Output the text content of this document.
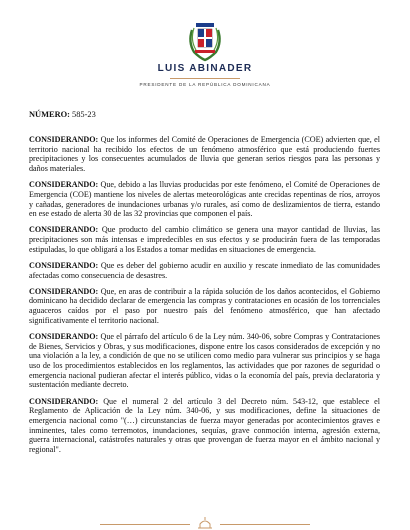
LUIS ABINADER
PRESIDENTE DE LA REPÚBLICA DOMINICANA
NÚMERO: 585-23

CONSIDERANDO: Que los informes del Comité de Operaciones de Emergencia (COE) advierten que, el territorio nacional ha recibido los efectos de un fenómeno atmosférico que está produciendo fuertes precipitaciones y los consecuentes acumulados de lluvia que generan serios riesgos para las personas y daños materiales.

CONSIDERANDO: Que, debido a las lluvias producidas por este fenómeno, el Comité de Operaciones de Emergencia (COE) mantiene los niveles de alertas meteorológicas ante crecidas repentinas de ríos, arroyos y cañadas, generadores de inundaciones urbanas y/o rurales, así como de deslizamientos de tierra, estando en ese estado de alerta 30 de las 32 provincias que componen el país.

CONSIDERANDO: Que producto del cambio climático se genera una mayor cantidad de lluvias, las precipitaciones son más intensas e impredecibles en sus efectos y se producirán fuera de las temporadas estipuladas, lo que obligará a los Estados a tomar medidas en situaciones de emergencia.

CONSIDERANDO: Que es deber del gobierno acudir en auxilio y rescate inmediato de las comunidades afectadas como consecuencia de desastres.

CONSIDERANDO: Que, en aras de contribuir a la rápida solución de los daños acontecidos, el Gobierno dominicano ha decidido declarar de emergencia las compras y contrataciones en ocasión de los torrenciales aguaceros caídos por el paso por nuestro país del fenómeno atmosférico, que han afectado significativamente el territorio nacional.

CONSIDERANDO: Que el párrafo del artículo 6 de la Ley núm. 340-06, sobre Compras y Contrataciones de Bienes, Servicios y Obras, y sus modificaciones, dispone entre los casos considerados de excepción y no una violación a la ley, a condición de que no se utilicen como medio para vulnerar sus principios y se haga uso de los procedimientos establecidos en los reglamentos, las actividades que por razones de seguridad o emergencia nacional pudieran afectar el interés público, vidas o la economía del país, previa declaratoria y sustentación mediante decreto.

CONSIDERANDO: Que el numeral 2 del artículo 3 del Decreto núm. 543-12, que establece el Reglamento de Aplicación de la Ley núm. 340-06, y sus modificaciones, define la situaciones de emergencia nacional como "(…) circunstancias de fuerza mayor generadas por acontecimientos graves e inminentes, tales como terremotos, inundaciones, sequías, grave conmoción interna, agresión externa, guerra internacional, catástrofes naturales y otras que provengan de fuerza mayor en el ámbito nacional y regional".
